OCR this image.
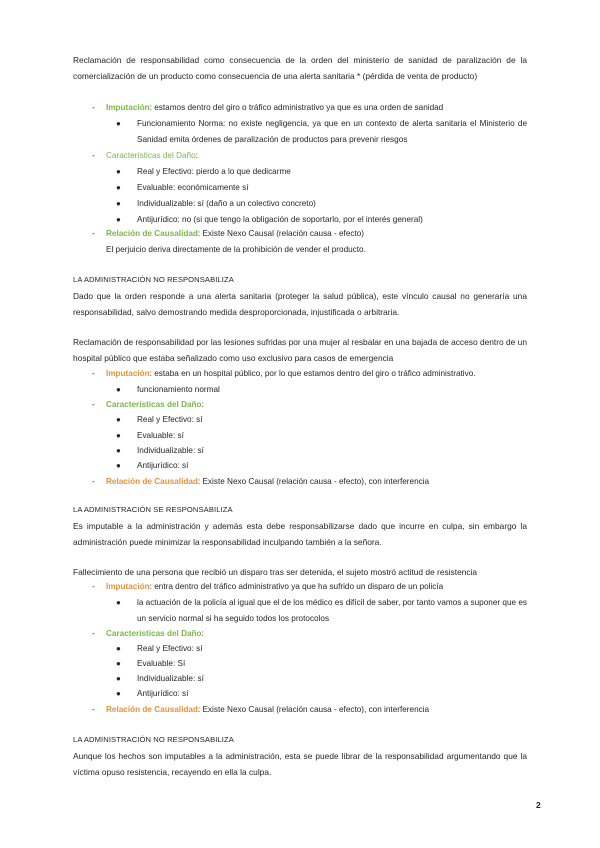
Reclamación de responsabilidad como consecuencia de la orden del ministerio de sanidad de paralización de la comercialización de un producto como consecuencia de una alerta sanitaria * (pérdida de venta de producto)
- Imputación: estamos dentro del giro o tráfico administrativo ya que es una orden de sanidad
● Funcionamiento Norma: no existe negligencia, ya que en un contexto de alerta sanitaria el Ministerio de Sanidad emita órdenes de paralización de productos para prevenir riesgos
- Características del Daño:
● Real y Efectivo: pierdo a lo que dedicarme
● Evaluable: económicamente sí
● Individualizable: sí (daño a un colectivo concreto)
● Antijurídico: no (si que tengo la obligación de soportarlo, por el interés general)
- Relación de Causalidad: Existe Nexo Causal (relación causa - efecto)
El perjuicio deriva directamente de la prohibición de vender el producto.
LA ADMINISTRACIÓN NO RESPONSABILIZA
Dado que la orden responde a una alerta sanitaria (proteger la salud pública), este vínculo causal no generaría una responsabilidad, salvo demostrando medida desproporcionada, injustificada o arbitraria.
Reclamación de responsabilidad por las lesiones sufridas por una mujer al resbalar en una bajada de acceso dentro de un hospital público que estaba señalizado como uso exclusivo para casos de emergencia
- Imputación: estaba en un hospital público, por lo que estamos dentro del giro o tráfico administrativo.
● funcionamiento normal
- Características del Daño:
● Real y Efectivo: sí
● Evaluable: sí
● Individualizable: sí
● Antijurídico: sí
- Relación de Causalidad: Existe Nexo Causal (relación causa - efecto), con interferencia
LA ADMINISTRACIÓN SE RESPONSABILIZA
Es imputable a la administración y además esta debe responsabilizarse dado que incurre en culpa, sin embargo la administración puede minimizar la responsabilidad inculpando también a la señora.
Fallecimiento de una persona que recibió un disparo tras ser detenida, el sujeto mostró actitud de resistencia
- Imputación: entra dentro del tráfico administrativo ya que ha sufrido un disparo de un policía
● la actuación de la policía al igual que el de los médico es difícil de saber, por tanto vamos a suponer que es un servicio normal si ha seguido todos los protocolos
- Características del Daño:
● Real y Efectivo: sí
● Evaluable: Sí
● Individualizable: sí
● Antijurídico: sí
- Relación de Causalidad: Existe Nexo Causal (relación causa - efecto), con interferencia
LA ADMINISTRACIÓN NO RESPONSABILIZA
Aunque los hechos son imputables a la administración, esta se puede librar de la responsabilidad argumentando que la víctima opuso resistencia, recayendo en ella la culpa.
2
